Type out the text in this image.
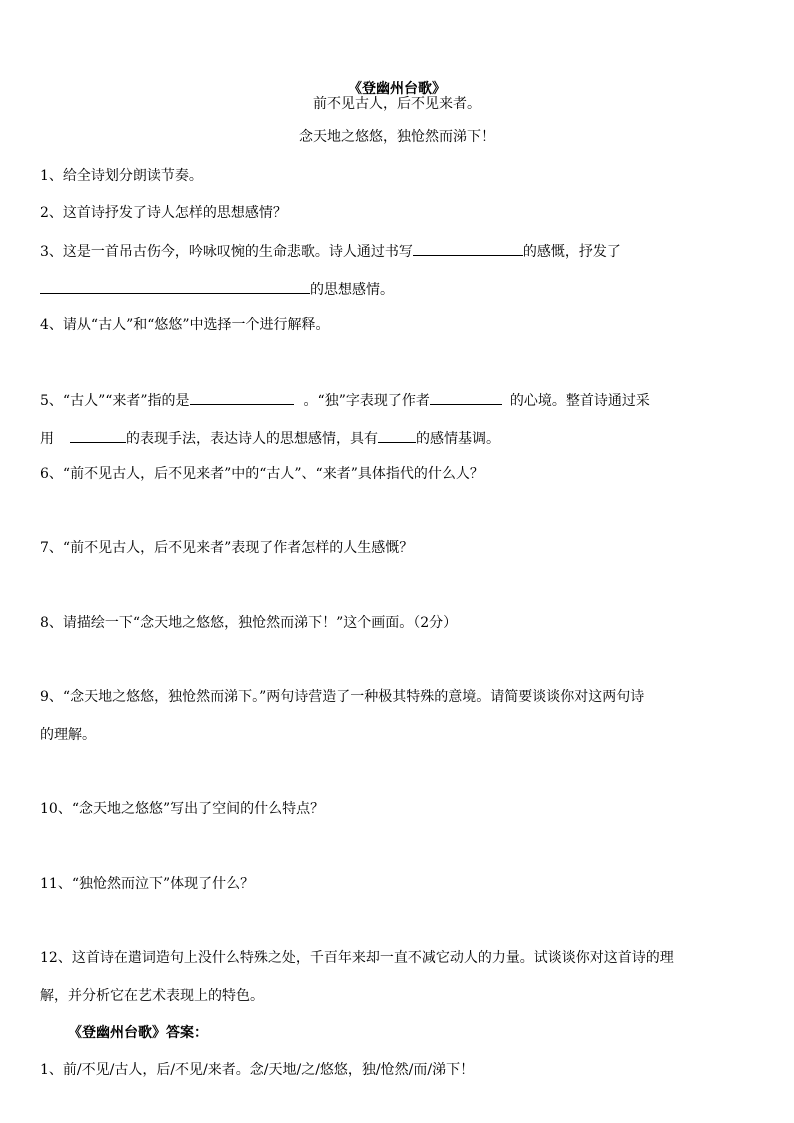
《登幽州台歌》
前不见古人，后不见来者。
念天地之悠悠，独怆然而涕下！
1、给全诗划分朗读节奏。
2、这首诗抒发了诗人怎样的思想感情？
3、这是一首吊古伤今，吟咏叹惋的生命悲歌。诗人通过书写	的感慨，抒发了
的思想感情。
4、请从“古人”和“悠悠”中选择一个进行解释。
5、“古人”“来者”指的是	。“独”字表现了作者	的心境。整首诗通过采
用	的表现手法，表达诗人的思想感情，具有	的感情基调。
6、“前不见古人，后不见来者”中的“古人”、“来者”具体指代的什么人？
7、“前不见古人，后不见来者”表现了作者怎样的人生感慨？
8、请描绘一下“念天地之悠悠，独怆然而涕下！”这个画面。（2分）
9、“念天地之悠悠，独怆然而涕下。”两句诗营造了一种极其特殊的意境。请简要谈谈你对这两句诗
的理解。
10、“念天地之悠悠”写出了空间的什么特点？
11、“独怆然而泣下”体现了什么？
12、这首诗在遣词造句上没什么特殊之处，千百年来却一直不减它动人的力量。试谈谈你对这首诗的理
解，并分析它在艺术表现上的特色。
《登幽州台歌》答案：
1、前/不见/古人，后/不见/来者。念/天地/之/悠悠，独/怆然/而/涕下！
